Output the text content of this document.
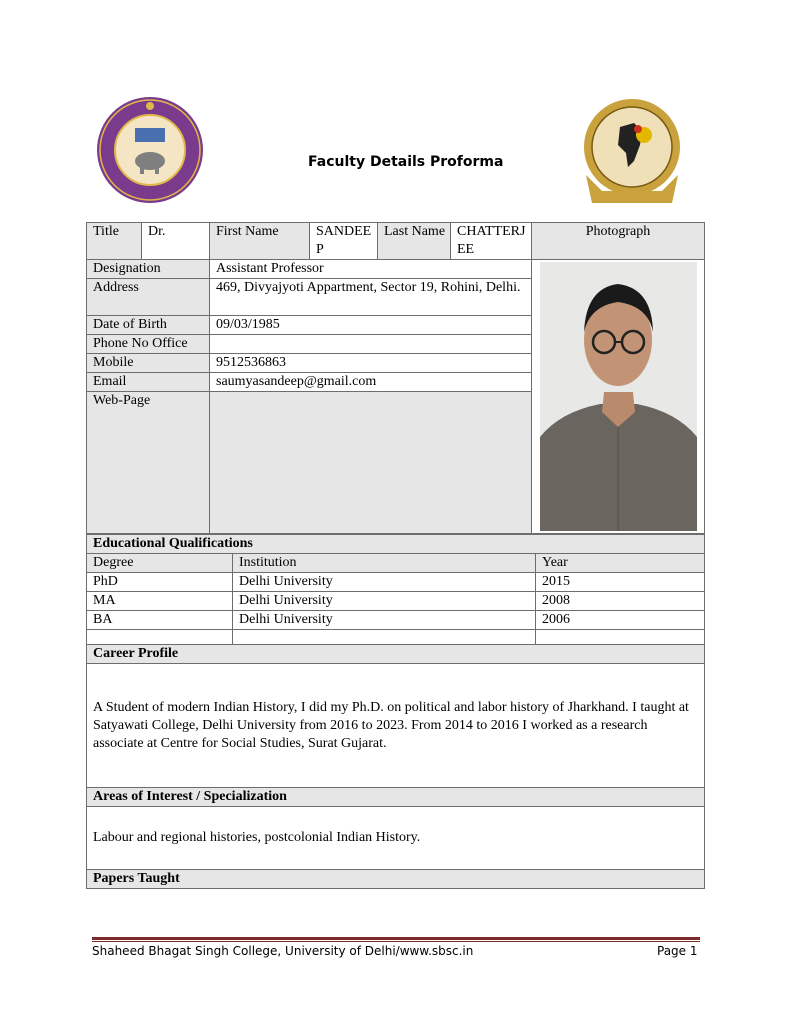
Faculty Details Proforma
Title	Dr.	First Name	SANDEEP	Last Name	CHATTERJEE	Photograph
Designation		Assistant Professor	

Address		469, Divyajyoti Appartment, Sector 19, Rohini, Delhi.				
Date of Birth		09/03/1985				
Phone No Office						
Mobile		9512536863				
Email		saumyasandeep@gmail.com				
Web-Page						
Educational Qualifications		
Degree	Institution	Year
PhD	Delhi University	2015
MA	Delhi University	2008
BA	Delhi University	2006

Career Profile
A Student of modern Indian History, I did my Ph.D. on political and labor history of Jharkhand. I taught at Satyawati College, Delhi University from 2016 to 2023. From 2014 to 2016 I worked as a research associate at Centre for Social Studies, Surat Gujarat.
Areas of Interest / Specialization
Labour and regional histories, postcolonial Indian History.
Papers Taught
Shaheed Bhagat Singh College, University of Delhi/www.sbsc.in	Page 1
